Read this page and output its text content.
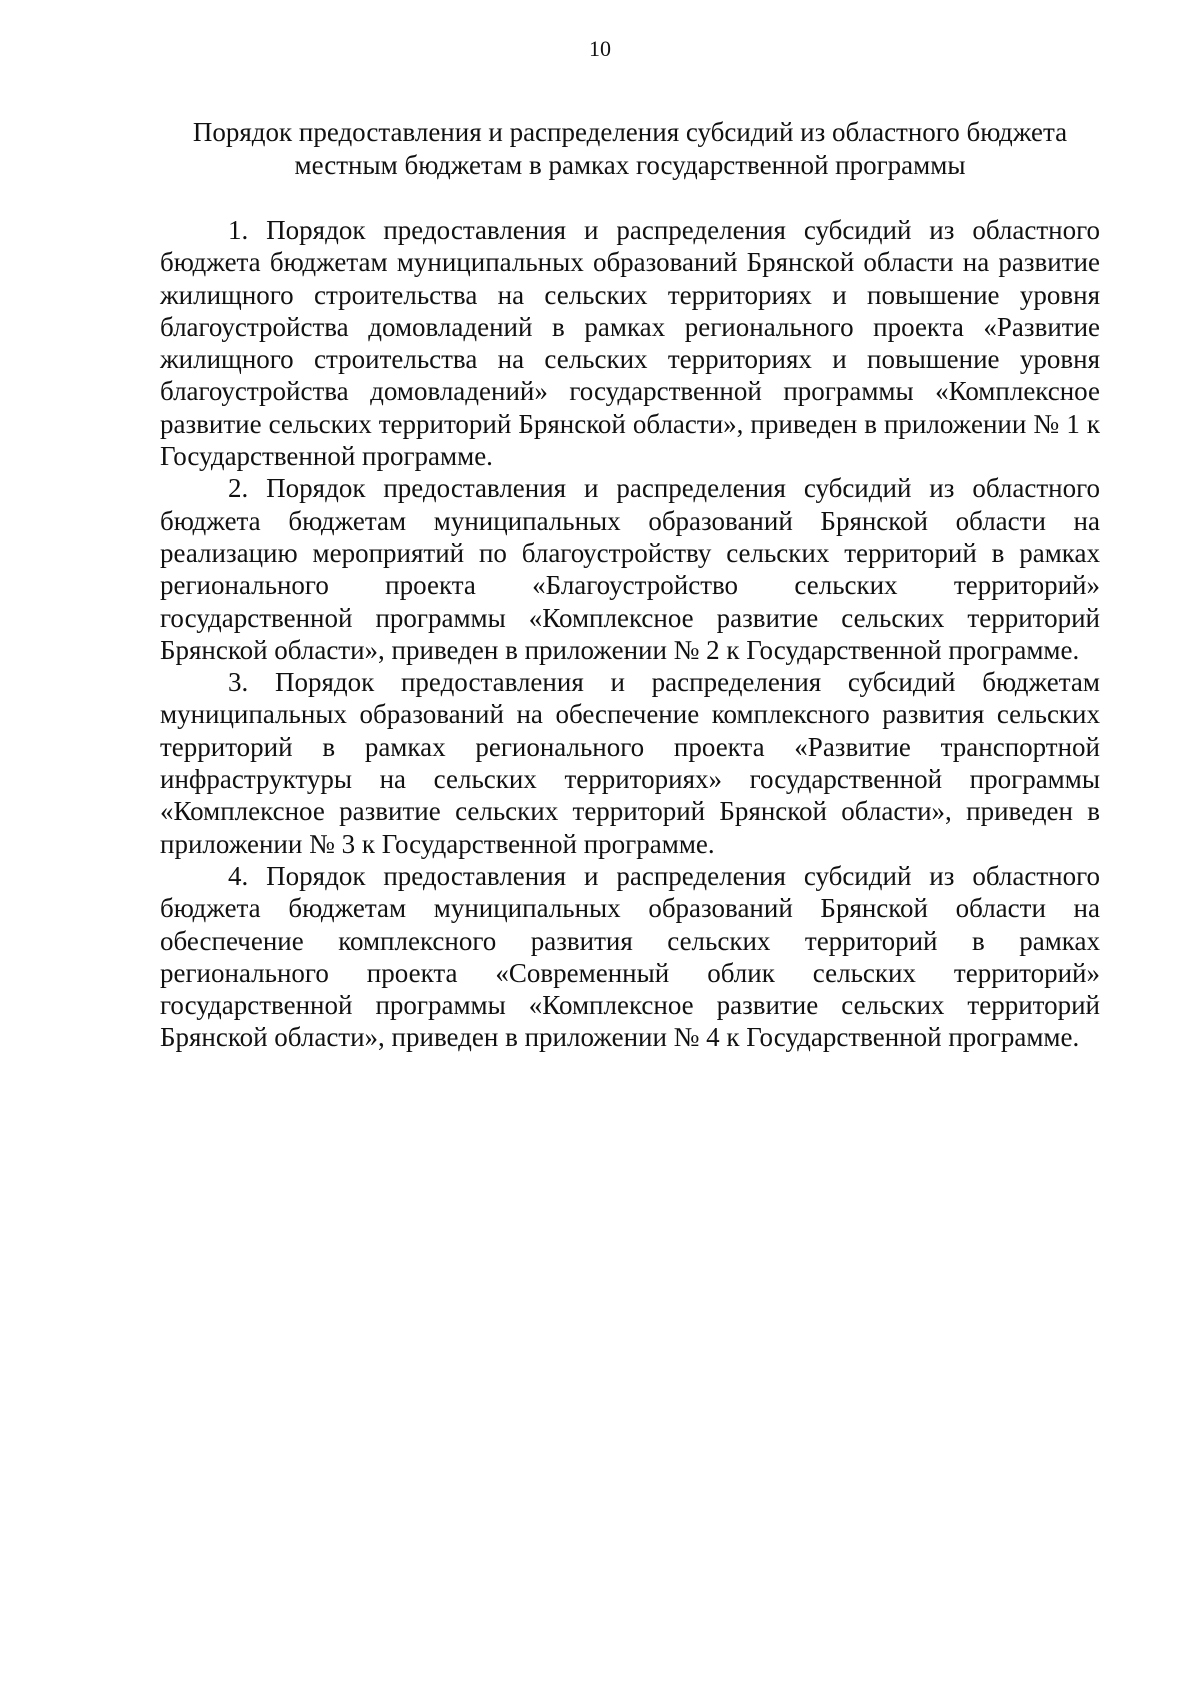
10
Порядок предоставления и распределения субсидий из областного бюджета
местным бюджетам в рамках государственной программы

1. Порядок предоставления и распределения субсидий из областного бюджета бюджетам муниципальных образований Брянской области на развитие жилищного строительства на сельских территориях и повышение уровня благоустройства домовладений в рамках регионального проекта «Развитие жилищного строительства на сельских территориях и повышение уровня благоустройства домовладений» государственной программы «Комплексное развитие сельских территорий Брянской области», приведен в приложении № 1 к Государственной программе.

2. Порядок предоставления и распределения субсидий из областного бюджета бюджетам муниципальных образований Брянской области на реализацию мероприятий по благоустройству сельских территорий в рамках регионального проекта «Благоустройство сельских территорий» государственной программы «Комплексное развитие сельских территорий Брянской области», приведен в приложении № 2 к Государственной программе.

3. Порядок предоставления и распределения субсидий бюджетам муниципальных образований на обеспечение комплексного развития сельских территорий в рамках регионального проекта «Развитие транспортной инфраструктуры на сельских территориях» государственной программы «Комплексное развитие сельских территорий Брянской области», приведен в приложении № 3 к Государственной программе.

4. Порядок предоставления и распределения субсидий из областного бюджета бюджетам муниципальных образований Брянской области на обеспечение комплексного развития сельских территорий в рамках регионального проекта «Современный облик сельских территорий» государственной программы «Комплексное развитие сельских территорий Брянской области», приведен в приложении № 4 к Государственной программе.
